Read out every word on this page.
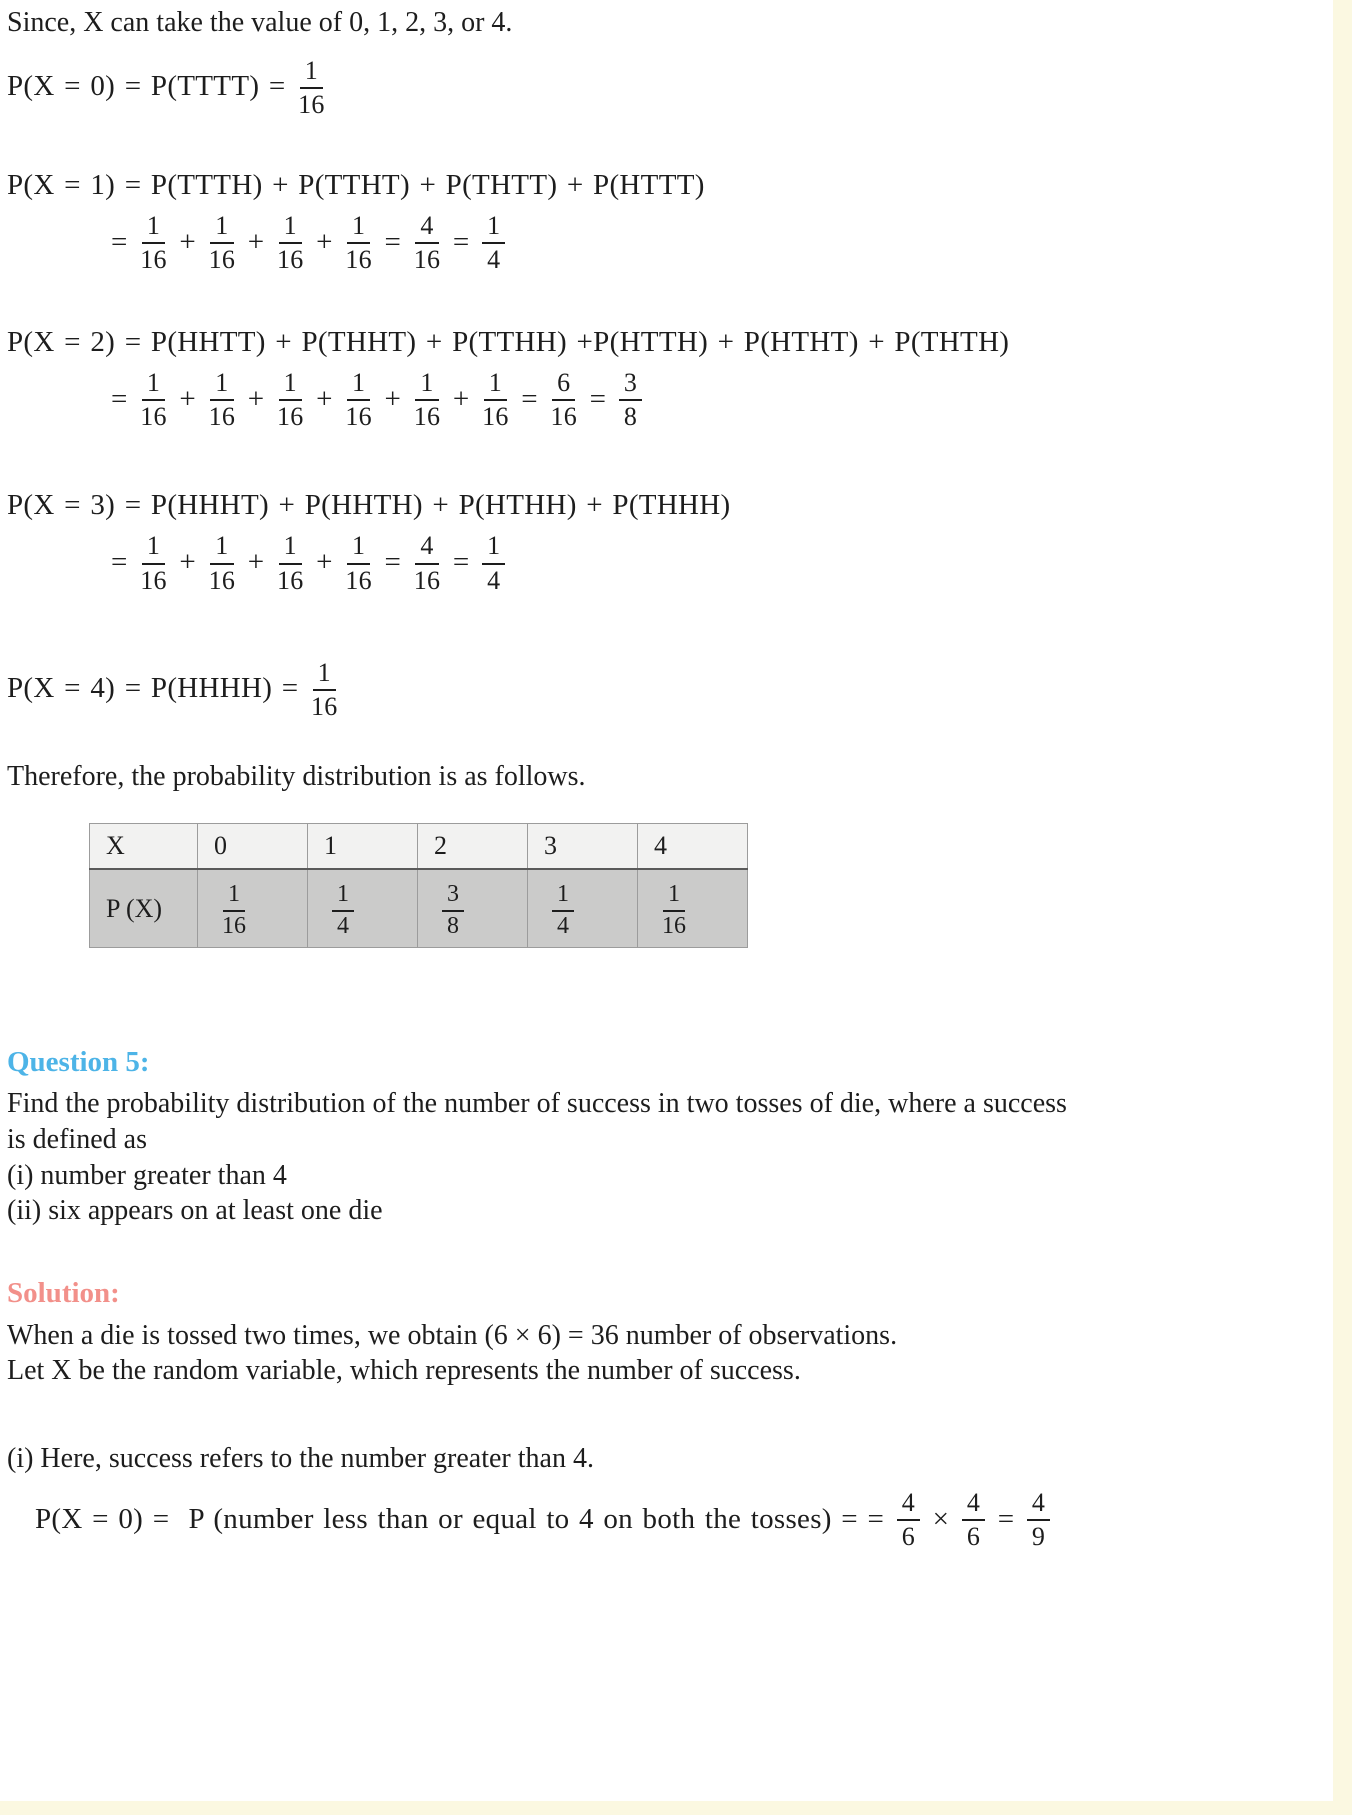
Since, X can take the value of 0, 1, 2, 3, or 4.
P(X = 0) = P(TTTT) = $\frac{1}{16}$
P(X = 1) = P(TTTH) + P(TTHT) + P(THTT) + P(HTTT)
= $\frac{1}{16} + \frac{1}{16} + \frac{1}{16} + \frac{1}{16} = \frac{4}{16} = \frac{1}{4}$
P(X = 2) = P(HHTT) + P(THHT) + P(TTHH) +P(HTTH) + P(HTHT) + P(THTH)
= $\frac{1}{16} + \frac{1}{16} + \frac{1}{16} + \frac{1}{16} + \frac{1}{16} + \frac{1}{16} = \frac{6}{16} = \frac{3}{8}$
P(X = 3) = P(HHHT) + P(HHTH) + P(HTHH) + P(THHH)
= $\frac{1}{16} + \frac{1}{16} + \frac{1}{16} + \frac{1}{16} = \frac{4}{16} = \frac{1}{4}$
P(X = 4) = P(HHHH) = $\frac{1}{16}$
Therefore, the probability distribution is as follows.
X	0	1	2	3	4
P (X)	$\frac{1}{16}$	$\frac{1}{4}$	$\frac{3}{8}$	$\frac{1}{4}$	$\frac{1}{16}$
Question 5:
Find the probability distribution of the number of success in two tosses of die, where a success
is defined as
(i) number greater than 4
(ii) six appears on at least one die
Solution:
When a die is tossed two times, we obtain (6 × 6) = 36 number of observations.
Let X be the random variable, which represents the number of success.
(i) Here, success refers to the number greater than 4.
P(X = 0) =  P (number less than or equal to 4 on both the tosses) = = $\frac{4}{6} \times \frac{4}{6} = \frac{4}{9}$
